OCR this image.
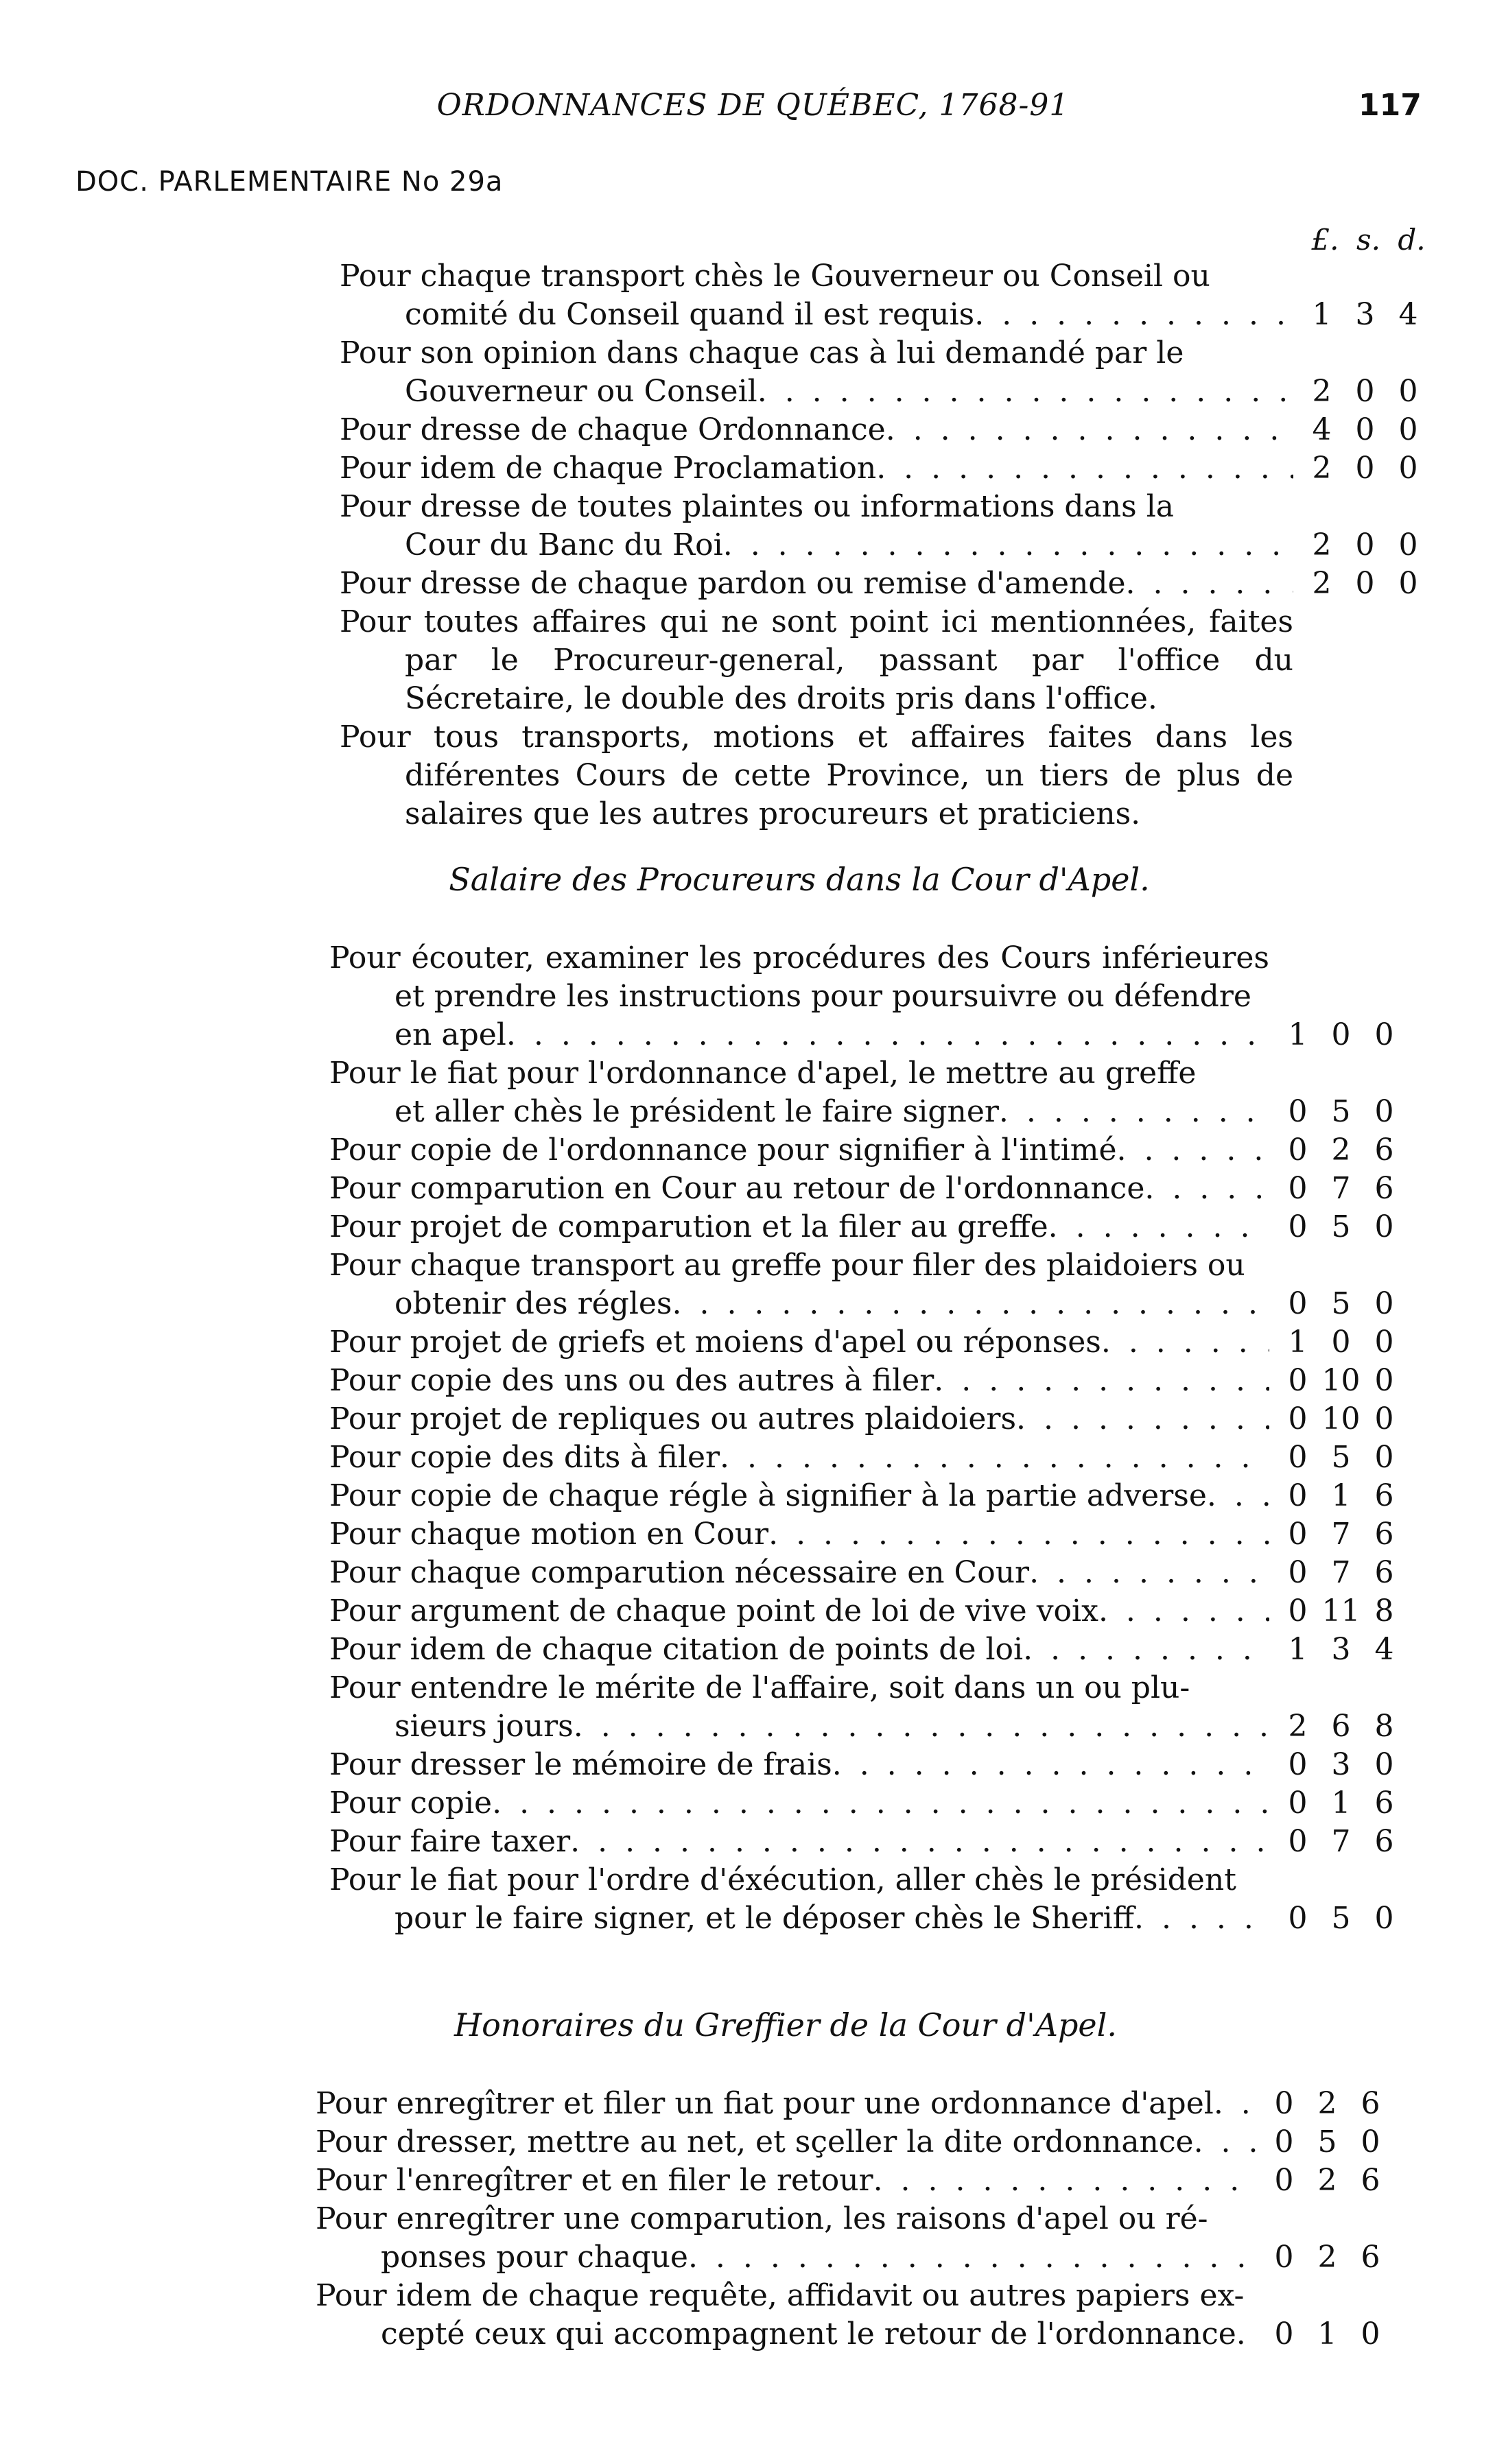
ORDONNANCES DE QUÉBEC, 1768-91	117
DOC. PARLEMENTAIRE No 29a
£. s. d.
Pour chaque transport chès le Gouverneur ou Conseil ou
comité du Conseil quand il est requis . . .	1 3 4
Pour son opinion dans chaque cas à lui demandé par le
Gouverneur ou Conseil . . .	2 0 0
Pour dresse de chaque Ordonnance . . .	4 0 0
Pour idem de chaque Proclamation . . .	2 0 0
Pour dresse de toutes plaintes ou informations dans la
Cour du Banc du Roi . . .	2 0 0
Pour dresse de chaque pardon ou remise d'amende . . .	2 0 0
Pour toutes affaires qui ne sont point ici mentionnées, faites par le Procureur-general, passant par l'office du Sécretaire, le double des droits pris dans l'office.
Pour tous transports, motions et affaires faites dans les diférentes Cours de cette Province, un tiers de plus de salaires que les autres procureurs et praticiens.
Salaire des Procureurs dans la Cour d'Apel.
Pour écouter, examiner les procédures des Cours inférieures et prendre les instructions pour poursuivre ou défendre
en apel . . .	1 0 0
Pour le fiat pour l'ordonnance d'apel, le mettre au greffe
et aller chès le président le faire signer . . .	0 5 0
Pour copie de l'ordonnance pour signifier à l'intimé . . .	0 2 6
Pour comparution en Cour au retour de l'ordonnance . . .	0 7 6
Pour projet de comparution et la filer au greffe . . .	0 5 0
Pour chaque transport au greffe pour filer des plaidoiers ou
obtenir des régles . . .	0 5 0
Pour projet de griefs et moiens d'apel ou réponses . . .	1 0 0
Pour copie des uns ou des autres à filer . . .	0 10 0
Pour projet de repliques ou autres plaidoiers . . .	0 10 0
Pour copie des dits à filer . . .	0 5 0
Pour copie de chaque régle à signifier à la partie adverse . . .	0 1 6
Pour chaque motion en Cour . . .	0 7 6
Pour chaque comparution nécessaire en Cour . . .	0 7 6
Pour argument de chaque point de loi de vive voix . . .	0 11 8
Pour idem de chaque citation de points de loi . . .	1 3 4
Pour entendre le mérite de l'affaire, soit dans un ou plu-
sieurs jours . . .	2 6 8
Pour dresser le mémoire de frais . . .	0 3 0
Pour copie . . .	0 1 6
Pour faire taxer . . .	0 7 6
Pour le fiat pour l'ordre d'éxécution, aller chès le président
pour le faire signer, et le déposer chès le Sheriff . . .	0 5 0
Honoraires du Greffier de la Cour d'Apel.
Pour enregîtrer et filer un fiat pour une ordonnance d'apel . . .	0 2 6
Pour dresser, mettre au net, et sçeller la dite ordonnance . . .	0 5 0
Pour l'enregîtrer et en filer le retour . . .	0 2 6
Pour enregîtrer une comparution, les raisons d'apel ou ré-
ponses pour chaque . . .	0 2 6
Pour idem de chaque requête, affidavit ou autres papiers ex-
cepté ceux qui accompagnent le retour de l'ordonnance . . .	0 1 0
